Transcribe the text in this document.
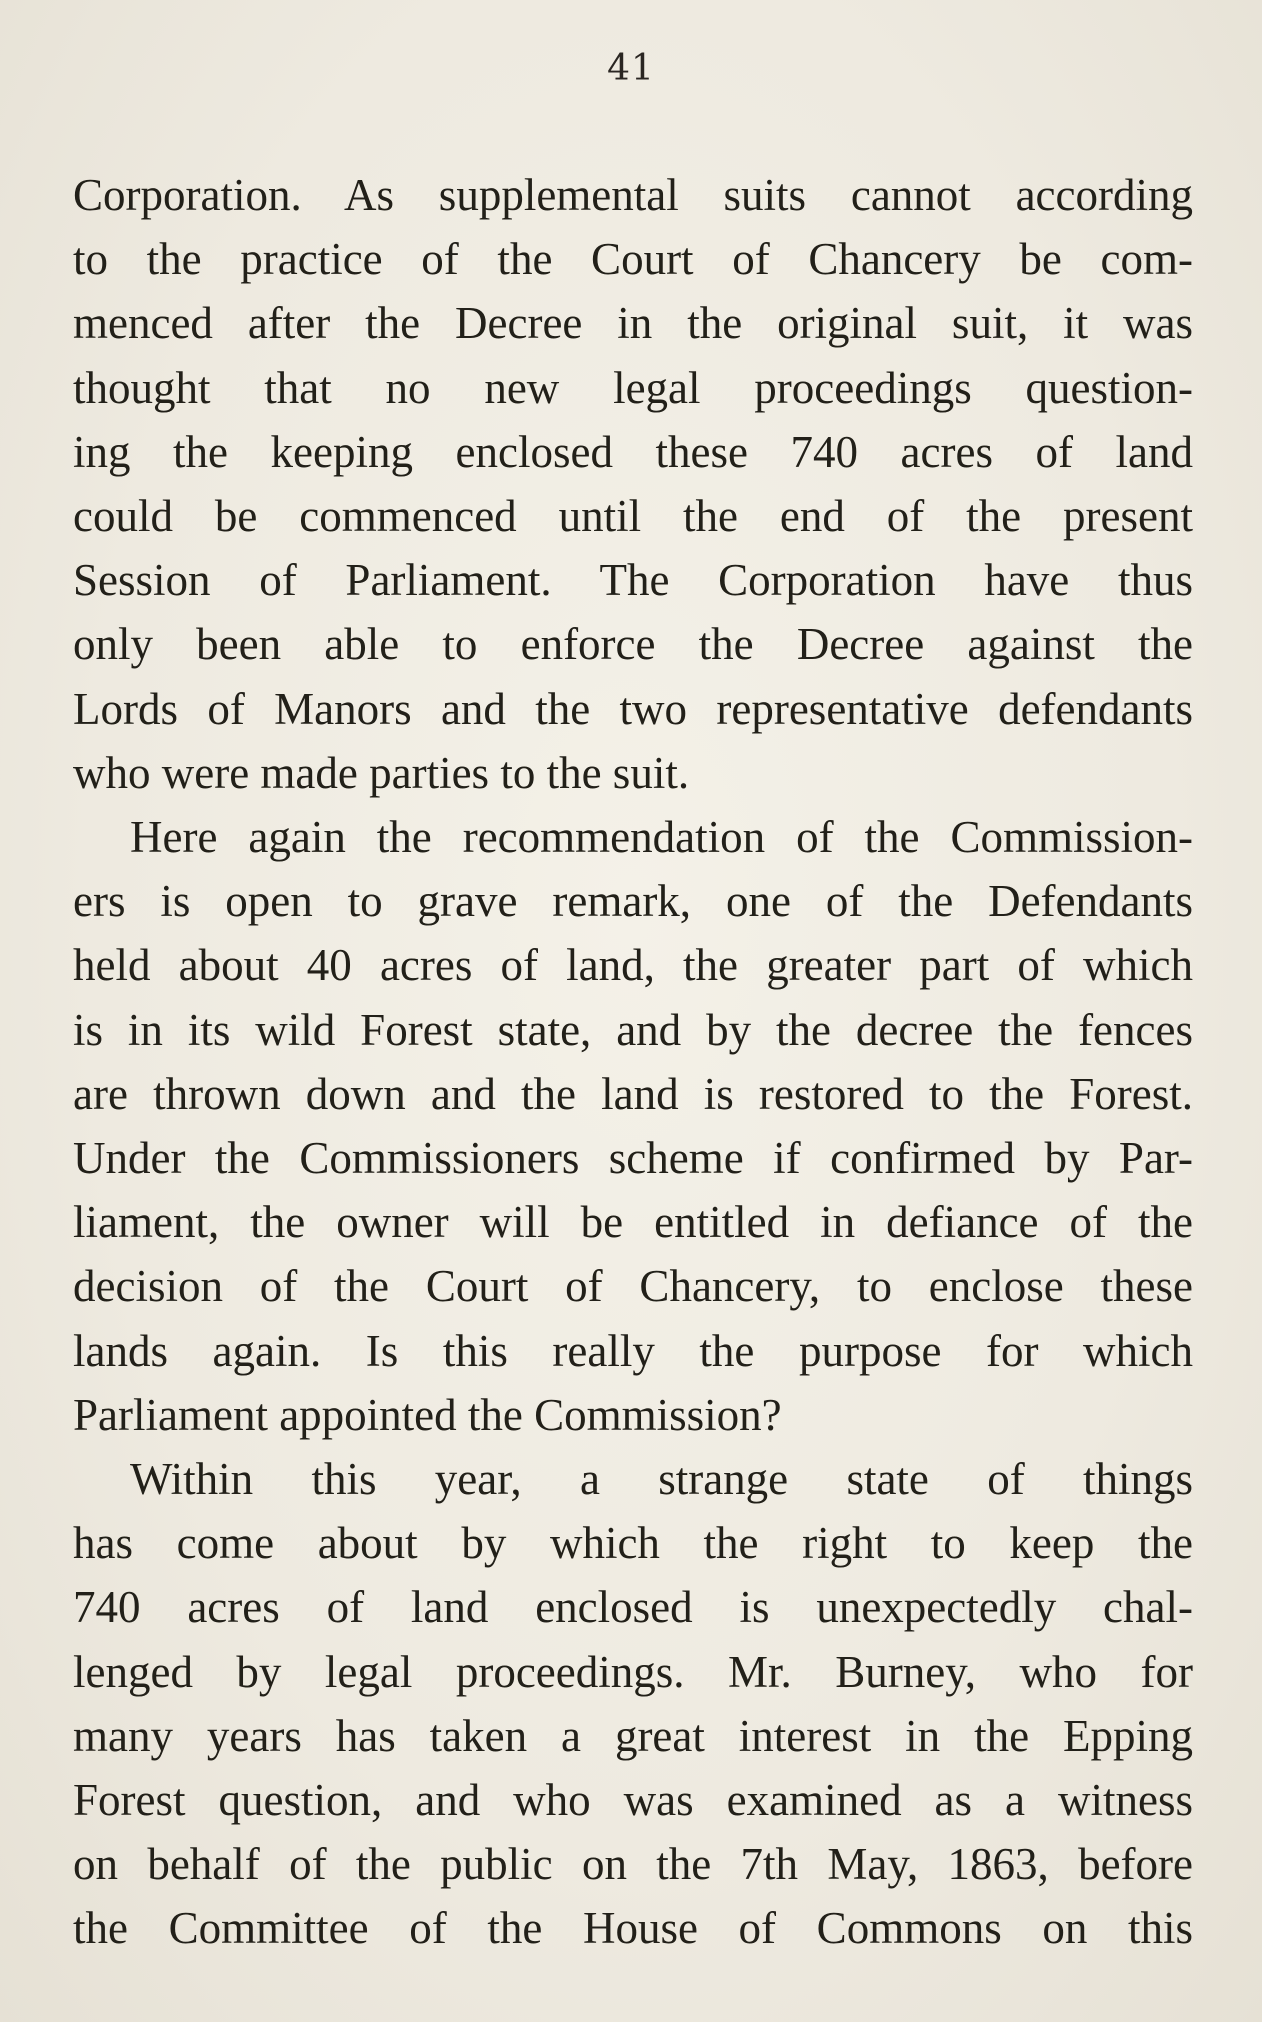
41
Corporation. As supplemental suits cannot according
to the practice of the Court of Chancery be com-
menced after the Decree in the original suit, it was
thought that no new legal proceedings question-
ing the keeping enclosed these 740 acres of land
could be commenced until the end of the present
Session of Parliament. The Corporation have thus
only been able to enforce the Decree against the
Lords of Manors and the two representative defendants
who were made parties to the suit.
Here again the recommendation of the Commission-
ers is open to grave remark, one of the Defendants
held about 40 acres of land, the greater part of which
is in its wild Forest state, and by the decree the fences
are thrown down and the land is restored to the Forest.
Under the Commissioners scheme if confirmed by Par-
liament, the owner will be entitled in defiance of the
decision of the Court of Chancery, to enclose these
lands again. Is this really the purpose for which
Parliament appointed the Commission?
Within this year, a strange state of things
has come about by which the right to keep the
740 acres of land enclosed is unexpectedly chal-
lenged by legal proceedings. Mr. Burney, who for
many years has taken a great interest in the Epping
Forest question, and who was examined as a witness
on behalf of the public on the 7th May, 1863, before
the Committee of the House of Commons on this
